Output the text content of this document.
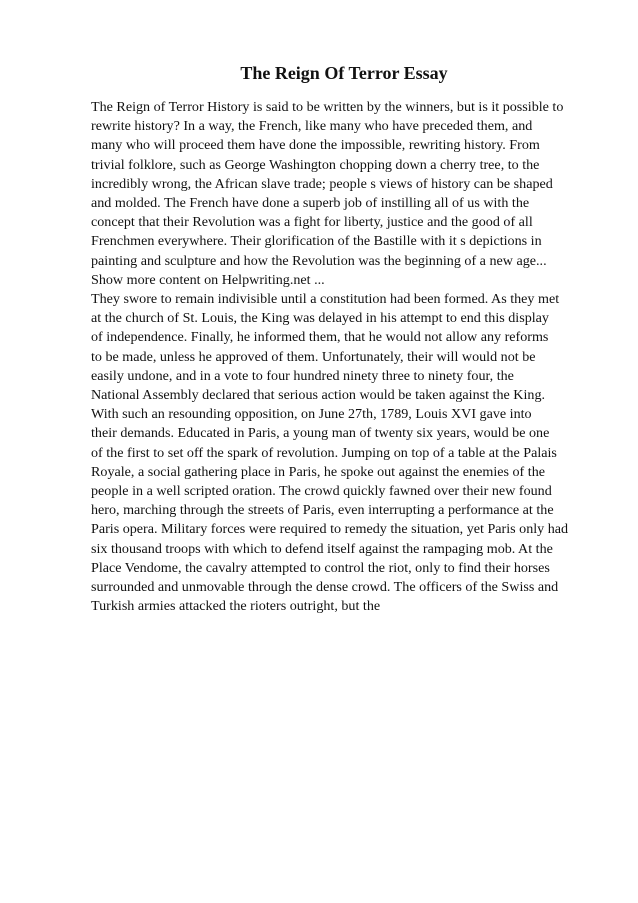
The Reign Of Terror Essay
The Reign of Terror History is said to be written by the winners, but is it possible to
rewrite history? In a way, the French, like many who have preceded them, and
many who will proceed them have done the impossible, rewriting history. From
trivial folklore, such as George Washington chopping down a cherry tree, to the
incredibly wrong, the African slave trade; people s views of history can be shaped
and molded. The French have done a superb job of instilling all of us with the
concept that their Revolution was a fight for liberty, justice and the good of all
Frenchmen everywhere. Their glorification of the Bastille with it s depictions in
painting and sculpture and how the Revolution was the beginning of a new age...
Show more content on Helpwriting.net ...
They swore to remain indivisible until a constitution had been formed. As they met
at the church of St. Louis, the King was delayed in his attempt to end this display
of independence. Finally, he informed them, that he would not allow any reforms
to be made, unless he approved of them. Unfortunately, their will would not be
easily undone, and in a vote to four hundred ninety three to ninety four, the
National Assembly declared that serious action would be taken against the King.
With such an resounding opposition, on June 27th, 1789, Louis XVI gave into
their demands. Educated in Paris, a young man of twenty six years, would be one
of the first to set off the spark of revolution. Jumping on top of a table at the Palais
Royale, a social gathering place in Paris, he spoke out against the enemies of the
people in a well scripted oration. The crowd quickly fawned over their new found
hero, marching through the streets of Paris, even interrupting a performance at the
Paris opera. Military forces were required to remedy the situation, yet Paris only had
six thousand troops with which to defend itself against the rampaging mob. At the
Place Vendome, the cavalry attempted to control the riot, only to find their horses
surrounded and unmovable through the dense crowd. The officers of the Swiss and
Turkish armies attacked the rioters outright, but the
